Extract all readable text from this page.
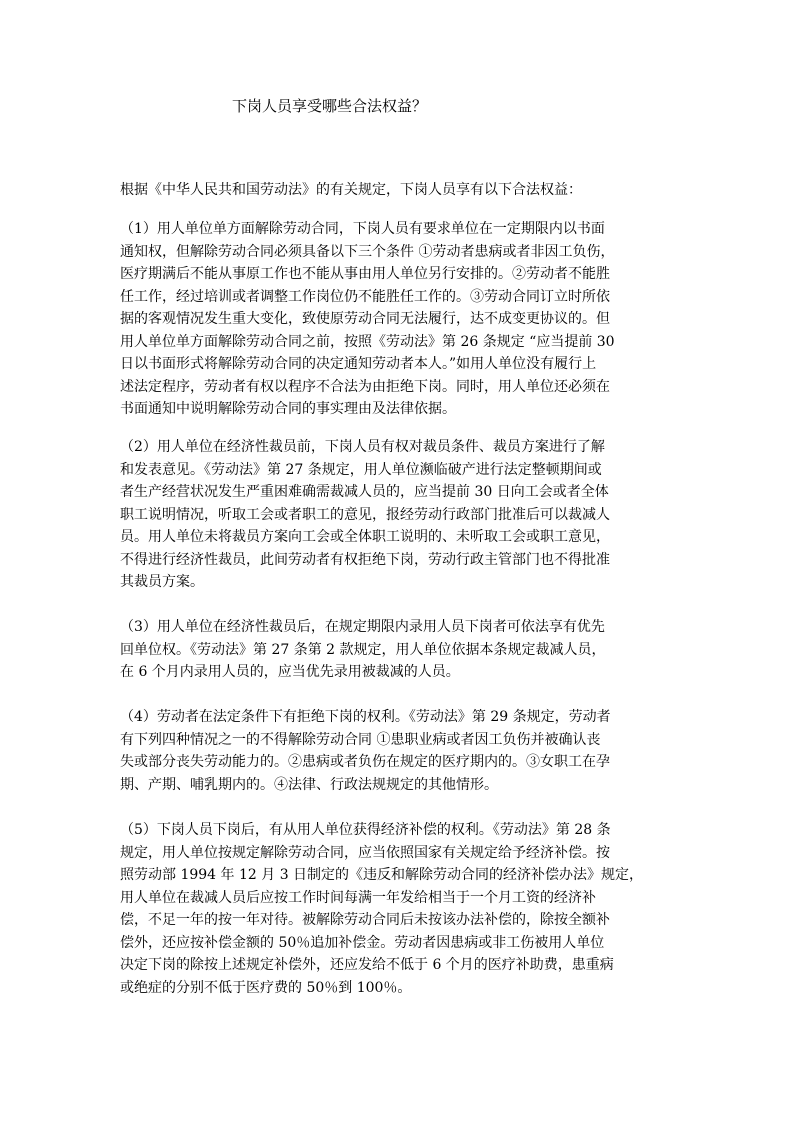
下岗人员享受哪些合法权益？
根据《中华人民共和国劳动法》的有关规定，下岗人员享有以下合法权益：
（1）用人单位单方面解除劳动合同，下岗人员有要求单位在一定期限内以书面
通知权，但解除劳动合同必须具备以下三个条件 ①劳动者患病或者非因工负伤，
医疗期满后不能从事原工作也不能从事由用人单位另行安排的。②劳动者不能胜
任工作，经过培训或者调整工作岗位仍不能胜任工作的。③劳动合同订立时所依
据的客观情况发生重大变化，致使原劳动合同无法履行，达不成变更协议的。但
用人单位单方面解除劳动合同之前，按照《劳动法》第 26 条规定 “应当提前 30
日以书面形式将解除劳动合同的决定通知劳动者本人。”如用人单位没有履行上
述法定程序，劳动者有权以程序不合法为由拒绝下岗。同时，用人单位还必须在
书面通知中说明解除劳动合同的事实理由及法律依据。
（2）用人单位在经济性裁员前，下岗人员有权对裁员条件、裁员方案进行了解
和发表意见。《劳动法》第 27 条规定，用人单位濒临破产进行法定整顿期间或
者生产经营状况发生严重困难确需裁减人员的，应当提前 30 日向工会或者全体
职工说明情况，听取工会或者职工的意见，报经劳动行政部门批准后可以裁减人
员。用人单位未将裁员方案向工会或全体职工说明的、未听取工会或职工意见，
不得进行经济性裁员，此间劳动者有权拒绝下岗，劳动行政主管部门也不得批准
其裁员方案。
（3）用人单位在经济性裁员后，在规定期限内录用人员下岗者可依法享有优先
回单位权。《劳动法》第 27 条第 2 款规定，用人单位依据本条规定裁减人员，
在 6 个月内录用人员的，应当优先录用被裁减的人员。
（4）劳动者在法定条件下有拒绝下岗的权利。《劳动法》第 29 条规定，劳动者
有下列四种情况之一的不得解除劳动合同 ①患职业病或者因工负伤并被确认丧
失或部分丧失劳动能力的。②患病或者负伤在规定的医疗期内的。③女职工在孕
期、产期、哺乳期内的。④法律、行政法规规定的其他情形。
（5）下岗人员下岗后，有从用人单位获得经济补偿的权利。《劳动法》第 28 条
规定，用人单位按规定解除劳动合同，应当依照国家有关规定给予经济补偿。按
照劳动部 1994 年 12 月 3 日制定的《违反和解除劳动合同的经济补偿办法》规定，
用人单位在裁减人员后应按工作时间每满一年发给相当于一个月工资的经济补
偿，不足一年的按一年对待。被解除劳动合同后未按该办法补偿的，除按全额补
偿外，还应按补偿金额的 50％追加补偿金。劳动者因患病或非工伤被用人单位
决定下岗的除按上述规定补偿外，还应发给不低于 6 个月的医疗补助费，患重病
或绝症的分别不低于医疗费的 50％到 100％。
